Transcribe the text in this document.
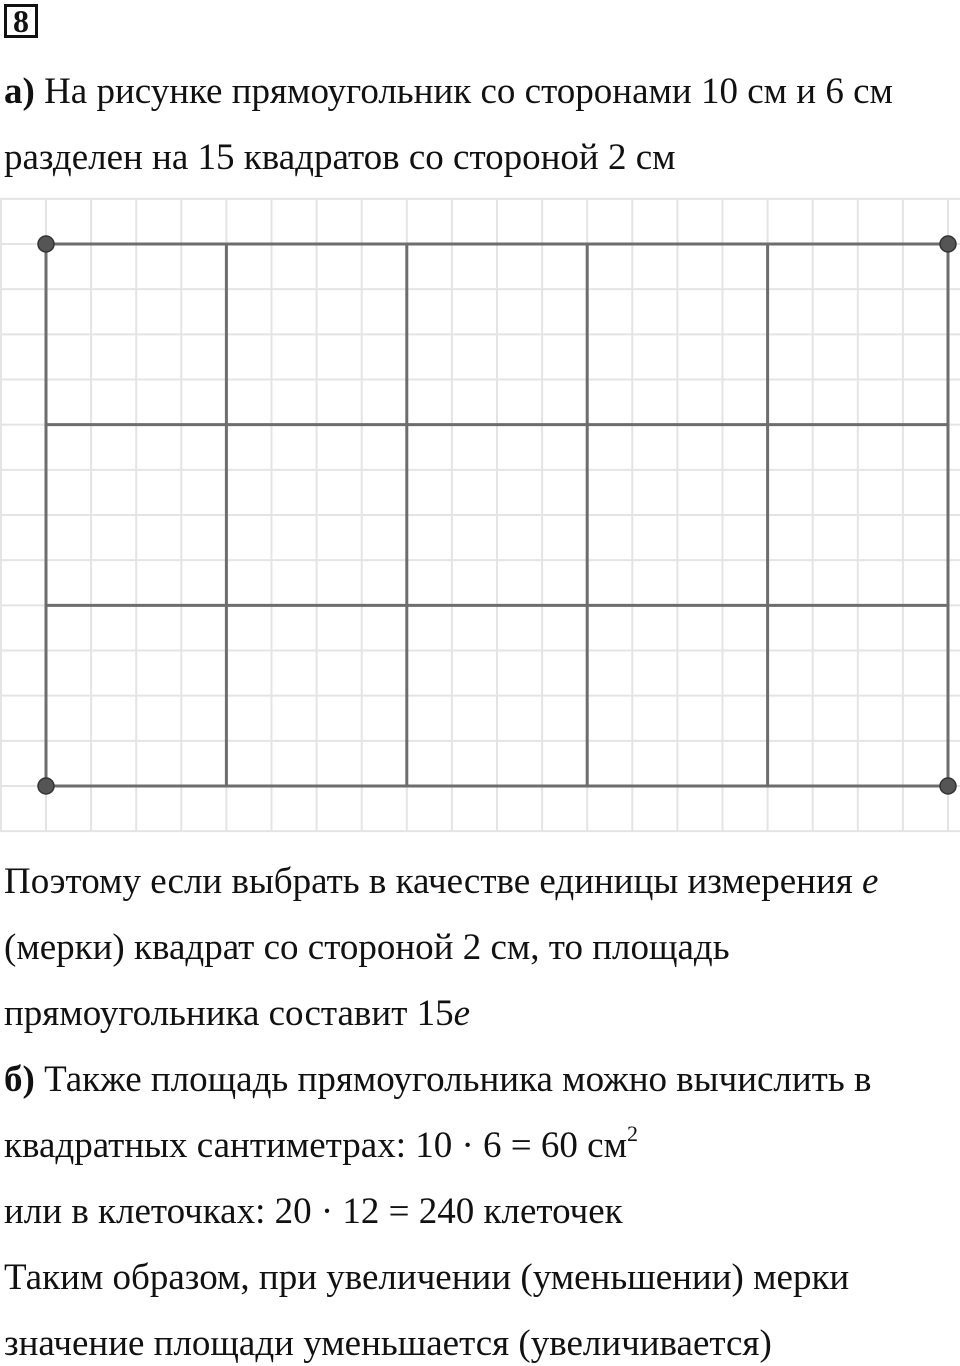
8
а) На рисунке прямоугольник со сторонами 10 см и 6 см
разделен на 15 квадратов со стороной 2 см
Поэтому если выбрать в качестве единицы измерения e
(мерки) квадрат со стороной 2 см, то площадь
прямоугольника составит 15e
б) Также площадь прямоугольника можно вычислить в
квадратных сантиметрах: 10 · 6 = 60 $см^2$
или в клеточках: 20 · 12 = 240 клеточек
Таким образом, при увеличении (уменьшении) мерки
значение площади уменьшается (увеличивается)
